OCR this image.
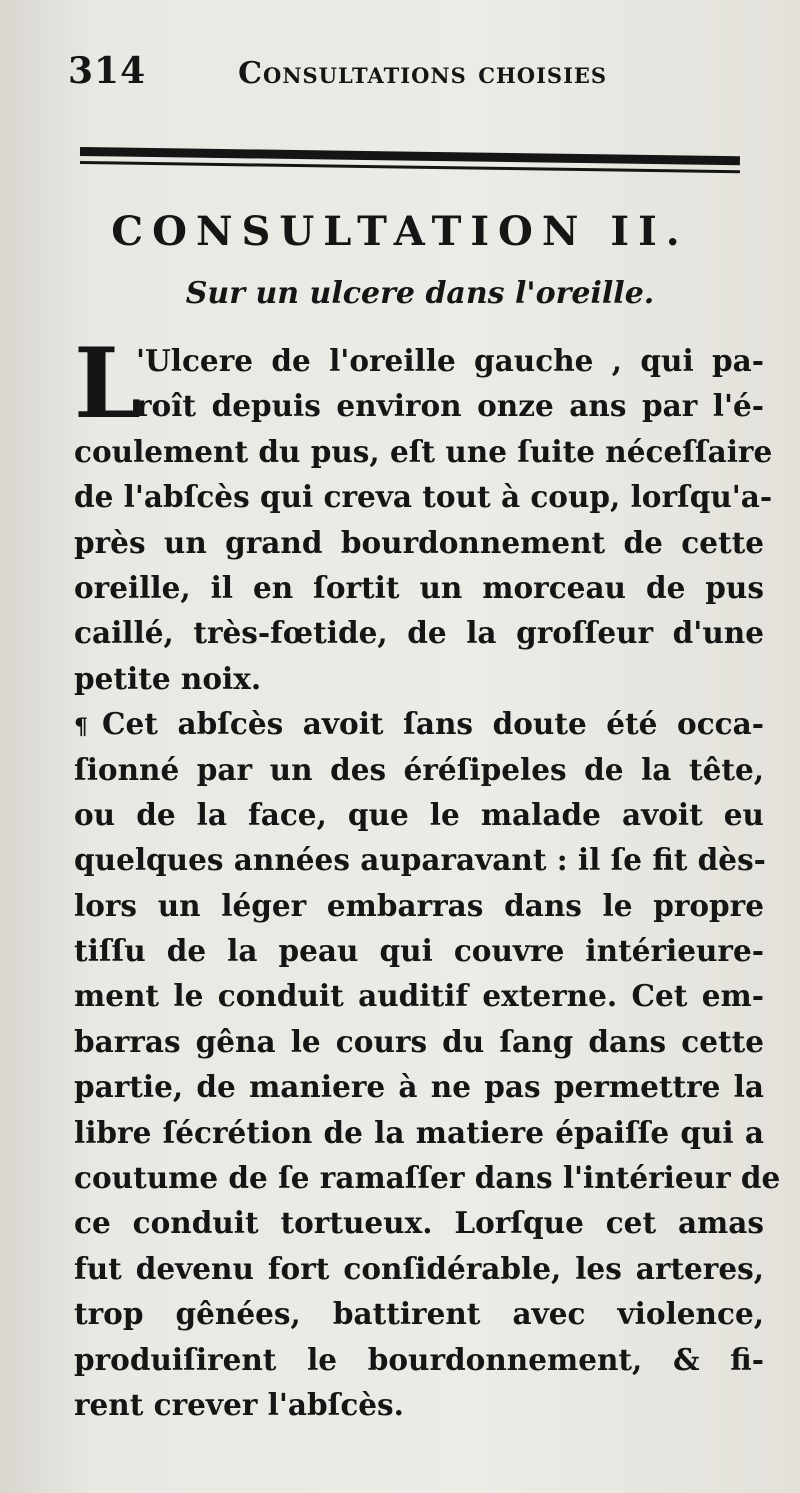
314	Consultations choisies
CONSULTATION II.
Sur un ulcere dans l'oreille.
L
'Ulcere de l'oreille gauche , qui pa-
roît depuis environ onze ans par l'é-
coulement du pus, eſt une ſuite néceſſaire
de l'abſcès qui creva tout à coup, lorſqu'a-
près un grand bourdonnement de cette
oreille, il en ſortit un morceau de pus
caillé, très-fœtide, de la groſſeur d'une
petite noix.
¶ Cet abſcès avoit ſans doute été occa-
ſionné par un des éréſipeles de la tête,
ou de la face, que le malade avoit eu
quelques années auparavant : il ſe fit dès-
lors un léger embarras dans le propre
tiſſu de la peau qui couvre intérieure-
ment le conduit auditif externe. Cet em-
barras gêna le cours du ſang dans cette
partie, de maniere à ne pas permettre la
libre ſécrétion de la matiere épaiſſe qui a
coutume de ſe ramaſſer dans l'intérieur de
ce conduit tortueux. Lorſque cet amas
fut devenu fort conſidérable, les arteres,
trop gênées, battirent avec violence,
produiſirent le bourdonnement, & fi-
rent crever l'abſcès.
